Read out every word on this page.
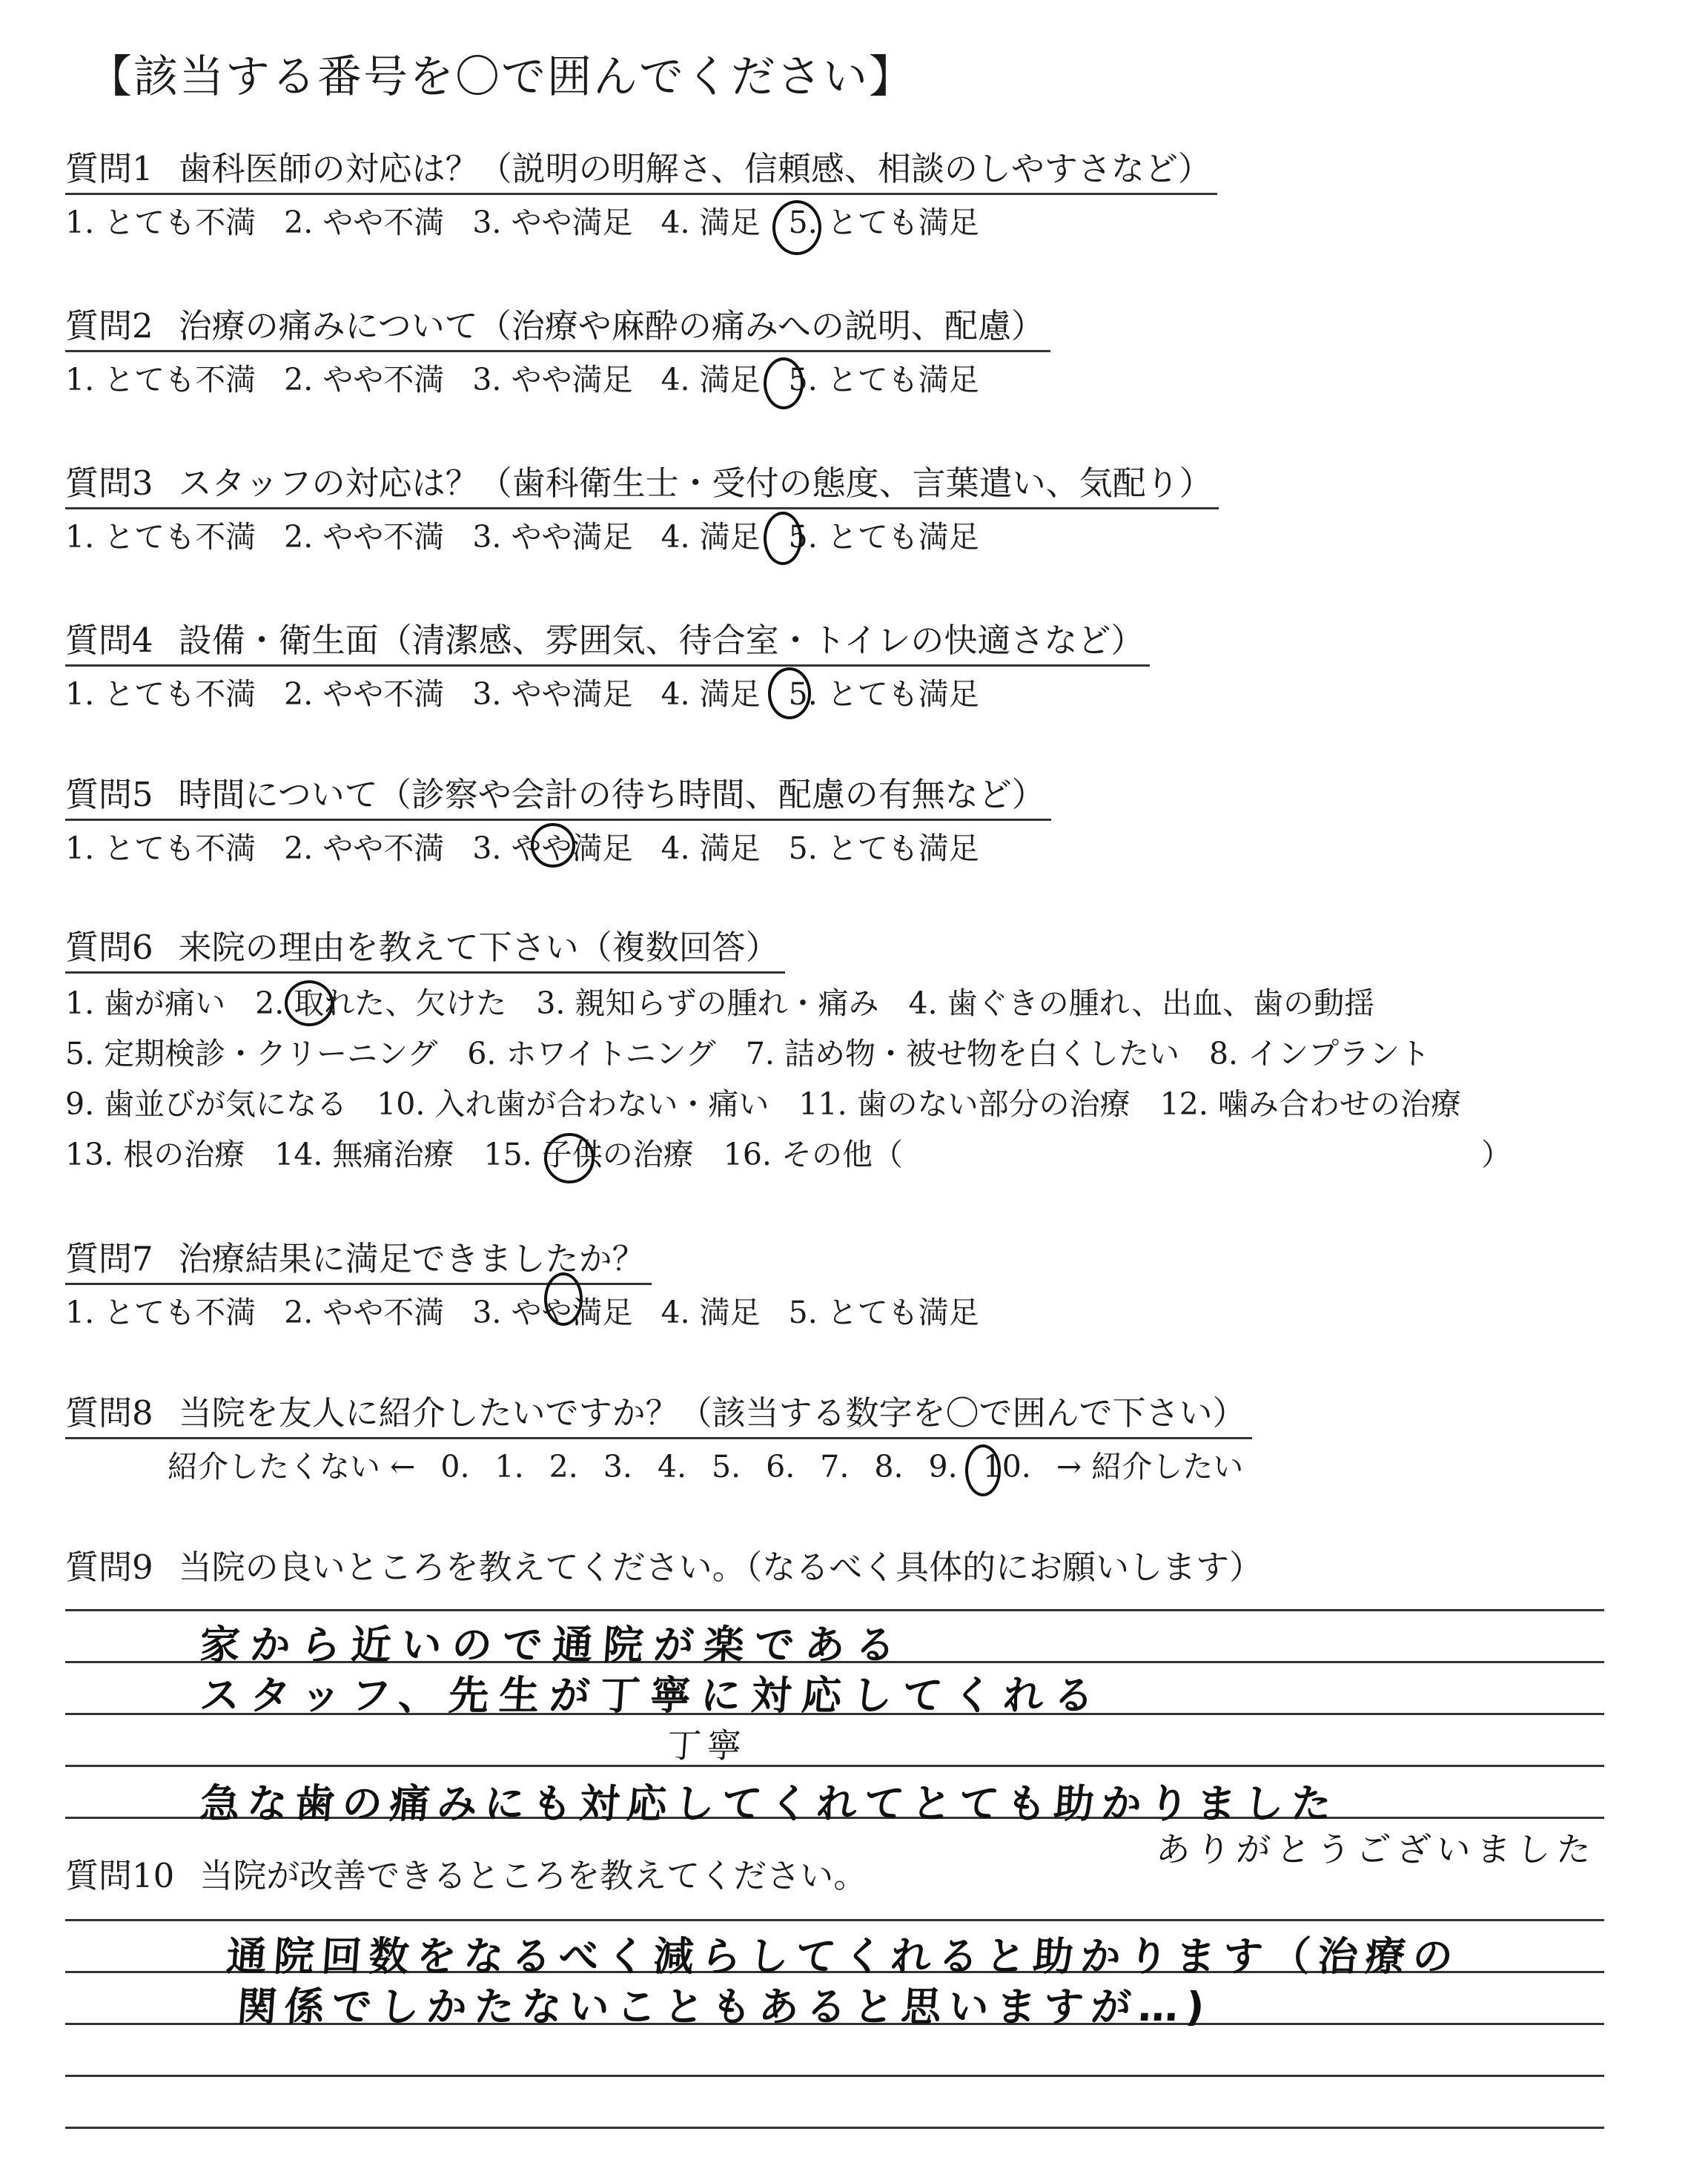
【該当する番号を〇で囲んでください】
質問1 歯科医師の対応は？（説明の明解さ、信頼感、相談のしやすさなど）
1. とても不満 2. やや不満 3. やや満足 4. 満足 5. とても満足
質問2 治療の痛みについて（治療や麻酔の痛みへの説明、配慮）
1. とても不満 2. やや不満 3. やや満足 4. 満足 5. とても満足
質問3 スタッフの対応は？（歯科衛生士・受付の態度、言葉遣い、気配り）
1. とても不満 2. やや不満 3. やや満足 4. 満足 5. とても満足
質問4 設備・衛生面（清潔感、雰囲気、待合室・トイレの快適さなど）
1. とても不満 2. やや不満 3. やや満足 4. 満足 5. とても満足
質問5 時間について（診察や会計の待ち時間、配慮の有無など）
1. とても不満 2. やや不満 3. やや満足 4. 満足 5. とても満足
質問6 来院の理由を教えて下さい（複数回答）
1. 歯が痛い 2. 取れた、欠けた 3. 親知らずの腫れ・痛み 4. 歯ぐきの腫れ、出血、歯の動揺
5. 定期検診・クリーニング 6. ホワイトニング 7. 詰め物・被せ物を白くしたい 8. インプラント
9. 歯並びが気になる 10. 入れ歯が合わない・痛い 11. 歯のない部分の治療 12. 噛み合わせの治療
13. 根の治療 14. 無痛治療 15. 子供の治療 16. その他（	）
質問7 治療結果に満足できましたか？
1. とても不満 2. やや不満 3. やや満足 4. 満足 5. とても満足
質問8 当院を友人に紹介したいですか？（該当する数字を〇で囲んで下さい）
紹介したくない ← 0. 1. 2. 3. 4. 5. 6. 7. 8. 9. 10. → 紹介したい
質問9 当院の良いところを教えてください。（なるべく具体的にお願いします）
家から近いので通院が楽である
スタッフ、先生が丁寧に対応してくれる
丁寧
急な歯の痛みにも対応してくれてとても助かりました
ありがとうございました
質問10 当院が改善できるところを教えてください。
通院回数をなるべく減らしてくれると助かります（治療の
関係でしかたないこともあると思いますが…)
